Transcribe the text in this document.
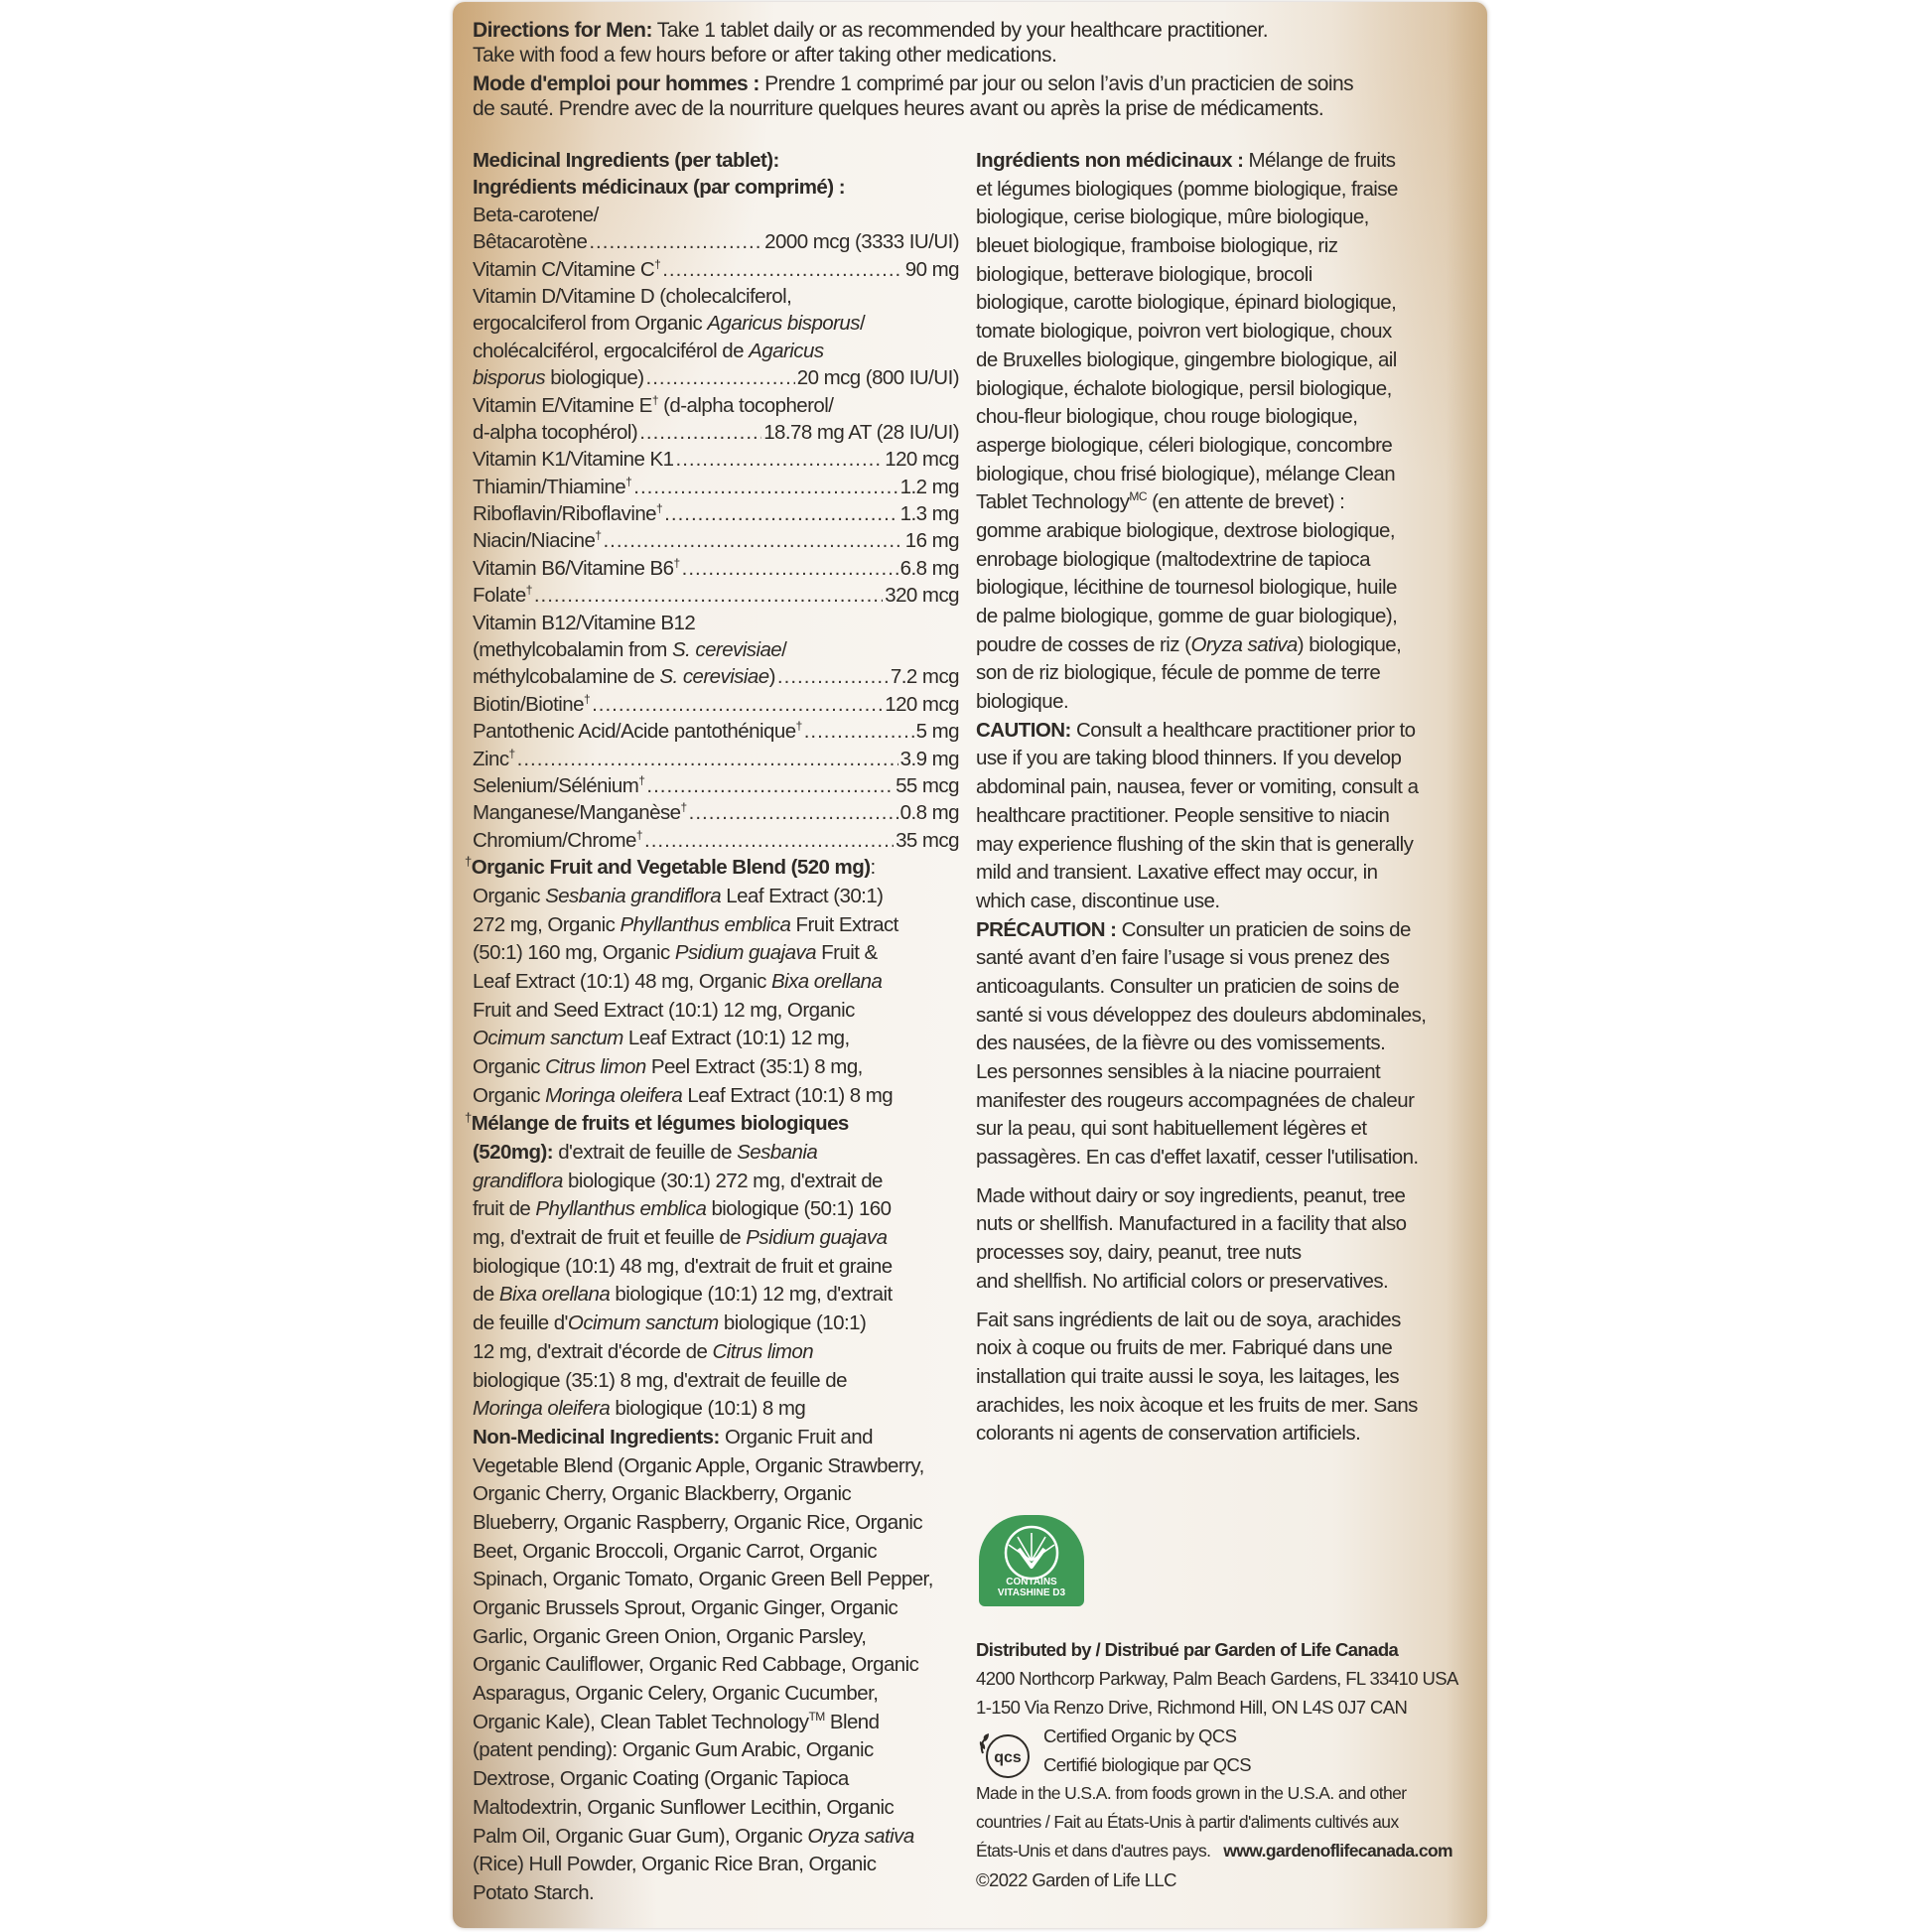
Directions for Men: Take 1 tablet daily or as recommended by your healthcare practitioner.
Take with food a few hours before or after taking other medications.
Mode d'emploi pour hommes : Prendre 1 comprimé par jour ou selon l’avis d’un practicien de soins
de sauté. Prendre avec de la nourriture quelques heures avant ou après la prise de médicaments.
Medicinal Ingredients (per tablet):
Ingrédients médicinaux (par comprimé) :
Beta-carotene/
Bêtacarotène .....	2000 mcg (3333 IU/UI)
Vitamin C/Vitamine C† .....	90 mg
Vitamin D/Vitamine D (cholecalciferol,
ergocalciferol from Organic Agaricus bisporus/
cholécalciférol, ergocalciférol de Agaricus
bisporus biologique) .....	20 mcg (800 IU/UI)
Vitamin E/Vitamine E† (d-alpha tocopherol/
d-alpha tocophérol) .....	18.78 mg AT (28 IU/UI)
Vitamin K1/Vitamine K1 .....	120 mcg
Thiamin/Thiamine† .....	1.2 mg
Riboflavin/Riboflavine† .....	1.3 mg
Niacin/Niacine† .....	16 mg
Vitamin B6/Vitamine B6† .....	6.8 mg
Folate† .....	320 mcg
Vitamin B12/Vitamine B12
(methylcobalamin from S. cerevisiae/
méthylcobalamine de S. cerevisiae) .....	7.2 mcg
Biotin/Biotine† .....	120 mcg
Pantothenic Acid/Acide pantothénique† .....	5 mg
Zinc† .....	3.9 mg
Selenium/Sélénium† .....	55 mcg
Manganese/Manganèse† .....	0.8 mg
Chromium/Chrome† .....	35 mcg
†Organic Fruit and Vegetable Blend (520 mg):
Organic Sesbania grandiflora Leaf Extract (30:1)
272 mg, Organic Phyllanthus emblica Fruit Extract
(50:1) 160 mg, Organic Psidium guajava Fruit &
Leaf Extract (10:1) 48 mg, Organic Bixa orellana
Fruit and Seed Extract (10:1) 12 mg, Organic
Ocimum sanctum Leaf Extract (10:1) 12 mg,
Organic Citrus limon Peel Extract (35:1) 8 mg,
Organic Moringa oleifera Leaf Extract (10:1) 8 mg
†Mélange de fruits et légumes biologiques
(520mg): d'extrait de feuille de Sesbania
grandiflora biologique (30:1) 272 mg, d'extrait de
fruit de Phyllanthus emblica biologique (50:1) 160
mg, d'extrait de fruit et feuille de Psidium guajava
biologique (10:1) 48 mg, d'extrait de fruit et graine
de Bixa orellana biologique (10:1) 12 mg, d'extrait
de feuille d'Ocimum sanctum biologique (10:1)
12 mg, d'extrait d'écorde de Citrus limon
biologique (35:1) 8 mg, d'extrait de feuille de
Moringa oleifera biologique (10:1) 8 mg
Non-Medicinal Ingredients: Organic Fruit and
Vegetable Blend (Organic Apple, Organic Strawberry,
Organic Cherry, Organic Blackberry, Organic
Blueberry, Organic Raspberry, Organic Rice, Organic
Beet, Organic Broccoli, Organic Carrot, Organic
Spinach, Organic Tomato, Organic Green Bell Pepper,
Organic Brussels Sprout, Organic Ginger, Organic
Garlic, Organic Green Onion, Organic Parsley,
Organic Cauliflower, Organic Red Cabbage, Organic
Asparagus, Organic Celery, Organic Cucumber,
Organic Kale), Clean Tablet Technology™ Blend
(patent pending): Organic Gum Arabic, Organic
Dextrose, Organic Coating (Organic Tapioca
Maltodextrin, Organic Sunflower Lecithin, Organic
Palm Oil, Organic Guar Gum), Organic Oryza sativa
(Rice) Hull Powder, Organic Rice Bran, Organic
Potato Starch.
Ingrédients non médicinaux : Mélange de fruits
et légumes biologiques (pomme biologique, fraise
biologique, cerise biologique, mûre biologique,
bleuet biologique, framboise biologique, riz
biologique, betterave biologique, brocoli
biologique, carotte biologique, épinard biologique,
tomate biologique, poivron vert biologique, choux
de Bruxelles biologique, gingembre biologique, ail
biologique, échalote biologique, persil biologique,
chou-fleur biologique, chou rouge biologique,
asperge biologique, céleri biologique, concombre
biologique, chou frisé biologique), mélange Clean
Tablet Technology$^{MC}$ (en attente de brevet) :
gomme arabique biologique, dextrose biologique,
enrobage biologique (maltodextrine de tapioca
biologique, lécithine de tournesol biologique, huile
de palme biologique, gomme de guar biologique),
poudre de cosses de riz (Oryza sativa) biologique,
son de riz biologique, fécule de pomme de terre
biologique.
CAUTION: Consult a healthcare practitioner prior to
use if you are taking blood thinners. If you develop
abdominal pain, nausea, fever or vomiting, consult a
healthcare practitioner. People sensitive to niacin
may experience flushing of the skin that is generally
mild and transient. Laxative effect may occur, in
which case, discontinue use.
PRÉCAUTION : Consulter un praticien de soins de
santé avant d’en faire l’usage si vous prenez des
anticoagulants. Consulter un praticien de soins de
santé si vous développez des douleurs abdominales,
des nausées, de la fièvre ou des vomissements.
Les personnes sensibles à la niacine pourraient
manifester des rougeurs accompagnées de chaleur
sur la peau, qui sont habituellement légères et
passagères. En cas d'effet laxatif, cesser l'utilisation.
Made without dairy or soy ingredients, peanut, tree
nuts or shellfish. Manufactured in a facility that also
processes soy, dairy, peanut, tree nuts
and shellfish. No artificial colors or preservatives.
Fait sans ingrédients de lait ou de soya, arachides
noix à coque ou fruits de mer. Fabriqué dans une
installation qui traite aussi le soya, les laitages, les
arachides, les noix àcoque et les fruits de mer. Sans
colorants ni agents de conservation artificiels.
CONTAINS
VITASHINE D3
qcs
Distributed by / Distribué par Garden of Life Canada
4200 Northcorp Parkway, Palm Beach Gardens, FL 33410 USA
1-150 Via Renzo Drive, Richmond Hill, ON L4S 0J7 CAN
Certified Organic by QCS
Certifié biologique par QCS
Made in the U.S.A. from foods grown in the U.S.A. and other
countries / Fait au États-Unis à partir d'aliments cultivés aux
États-Unis et dans d'autres pays. www.gardenoflifecanada.com
©2022 Garden of Life LLC
